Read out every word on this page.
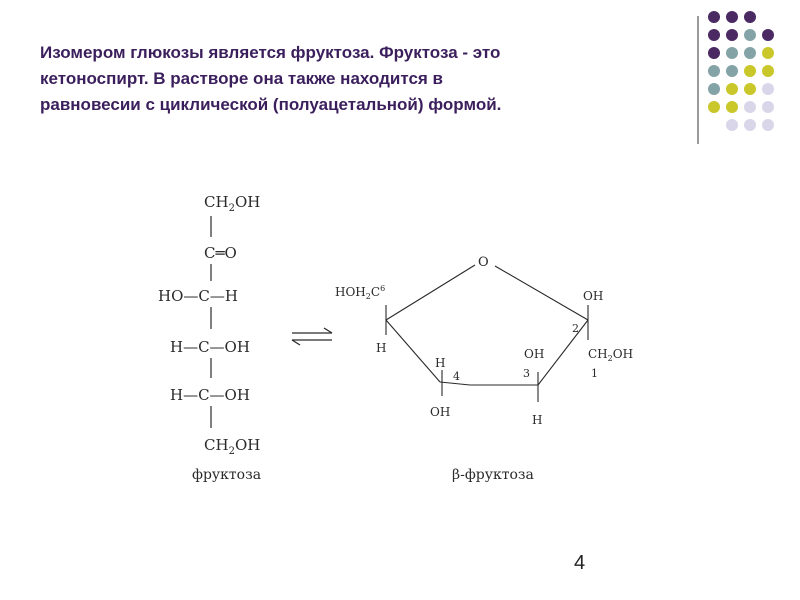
Изомером глюкозы является фруктоза. Фруктоза - это
кетоноспирт. В растворе она также находится в
равновесии с циклической (полуацетальной) формой.
$CH_2OH$
C═O
HO—C—H
H—C—OH
H—C—OH
$CH_2OH$
фруктоза
O
$HOH_2C^6$
H
H
4
OH
OH
3
H
OH
2
$CH_2OH$
1
β-фруктоза
4
